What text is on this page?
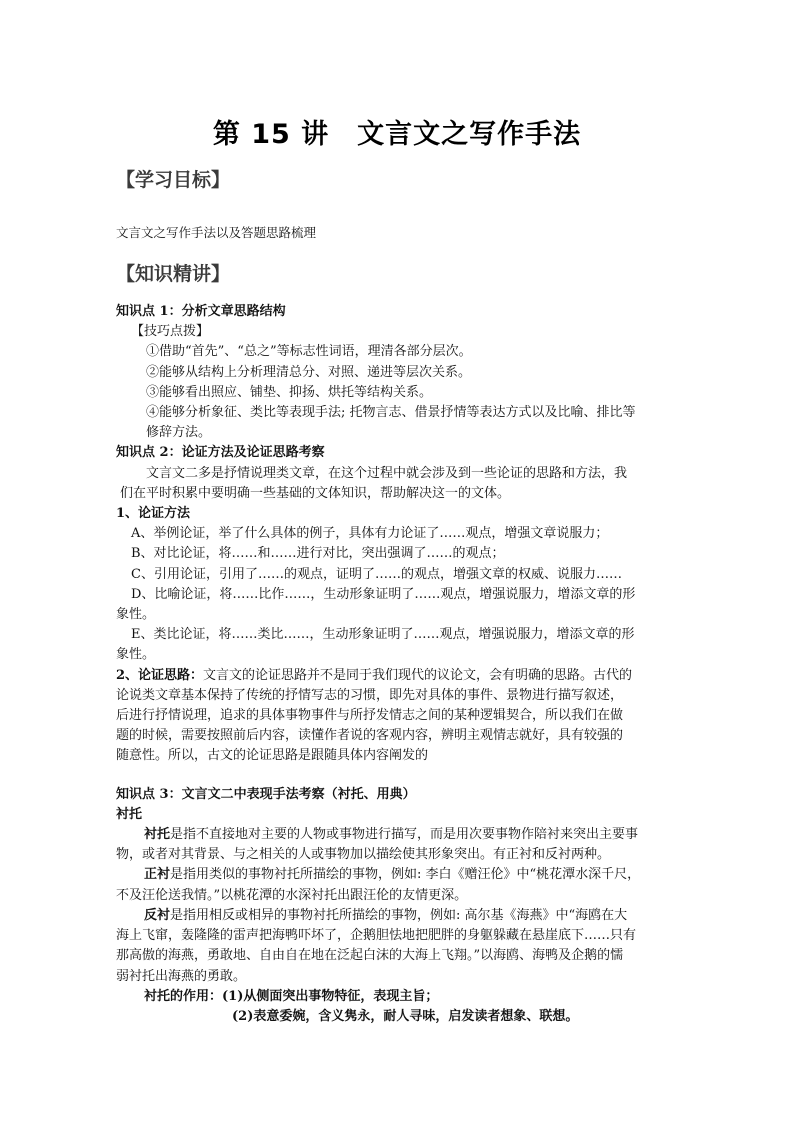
第 15 讲　文言文之写作手法
【学习目标】
文言文之写作手法以及答题思路梳理
【知识精讲】
知识点 1：分析文章思路结构
【技巧点拨】
①借助“首先”、“总之”等标志性词语，理清各部分层次。
②能够从结构上分析理清总分、对照、递进等层次关系。
③能够看出照应、铺垫、抑扬、烘托等结构关系。
④能够分析象征、类比等表现手法; 托物言志、借景抒情等表达方式以及比喻、排比等
修辞方法。
知识点 2：论证方法及论证思路考察
文言文二多是抒情说理类文章，在这个过程中就会涉及到一些论证的思路和方法，我
们在平时积累中要明确一些基础的文体知识，帮助解决这一的文体。
1、论证方法
A、举例论证，举了什么具体的例子，具体有力论证了……观点，增强文章说服力；
B、对比论证，将……和……进行对比，突出强调了……的观点；
C、引用论证，引用了……的观点，证明了……的观点，增强文章的权威、说服力……
D、比喻论证，将……比作……，生动形象证明了……观点，增强说服力，增添文章的形
象性。
E、类比论证，将……类比……，生动形象证明了……观点，增强说服力，增添文章的形
象性。
2、论证思路：文言文的论证思路并不是同于我们现代的议论文，会有明确的思路。古代的
论说类文章基本保持了传统的抒情写志的习惯，即先对具体的事件、景物进行描写叙述，
后进行抒情说理，追求的具体事物事件与所抒发情志之间的某种逻辑契合，所以我们在做
题的时候，需要按照前后内容，读懂作者说的客观内容，辨明主观情志就好，具有较强的
随意性。所以，古文的论证思路是跟随具体内容阐发的
知识点 3：文言文二中表现手法考察（衬托、用典）
衬托
衬托是指不直接地对主要的人物或事物进行描写，而是用次要事物作陪衬来突出主要事
物，或者对其背景、与之相关的人或事物加以描绘使其形象突出。有正衬和反衬两种。
正衬是指用类似的事物衬托所描绘的事物，例如: 李白《赠汪伦》中“桃花潭水深千尺，
不及汪伦送我情。”以桃花潭的水深衬托出跟汪伦的友情更深。
反衬是指用相反或相异的事物衬托所描绘的事物，例如: 高尔基《海燕》中“海鸥在大
海上飞窜，轰隆隆的雷声把海鸭吓坏了，企鹅胆怯地把肥胖的身躯躲藏在悬崖底下……只有
那高傲的海燕，勇敢地、自由自在地在泛起白沫的大海上飞翔。”以海鸥、海鸭及企鹅的懦
弱衬托出海燕的勇敢。
衬托的作用：(1)从侧面突出事物特征，表现主旨；
(2)表意委婉，含义隽永，耐人寻味，启发读者想象、联想。
